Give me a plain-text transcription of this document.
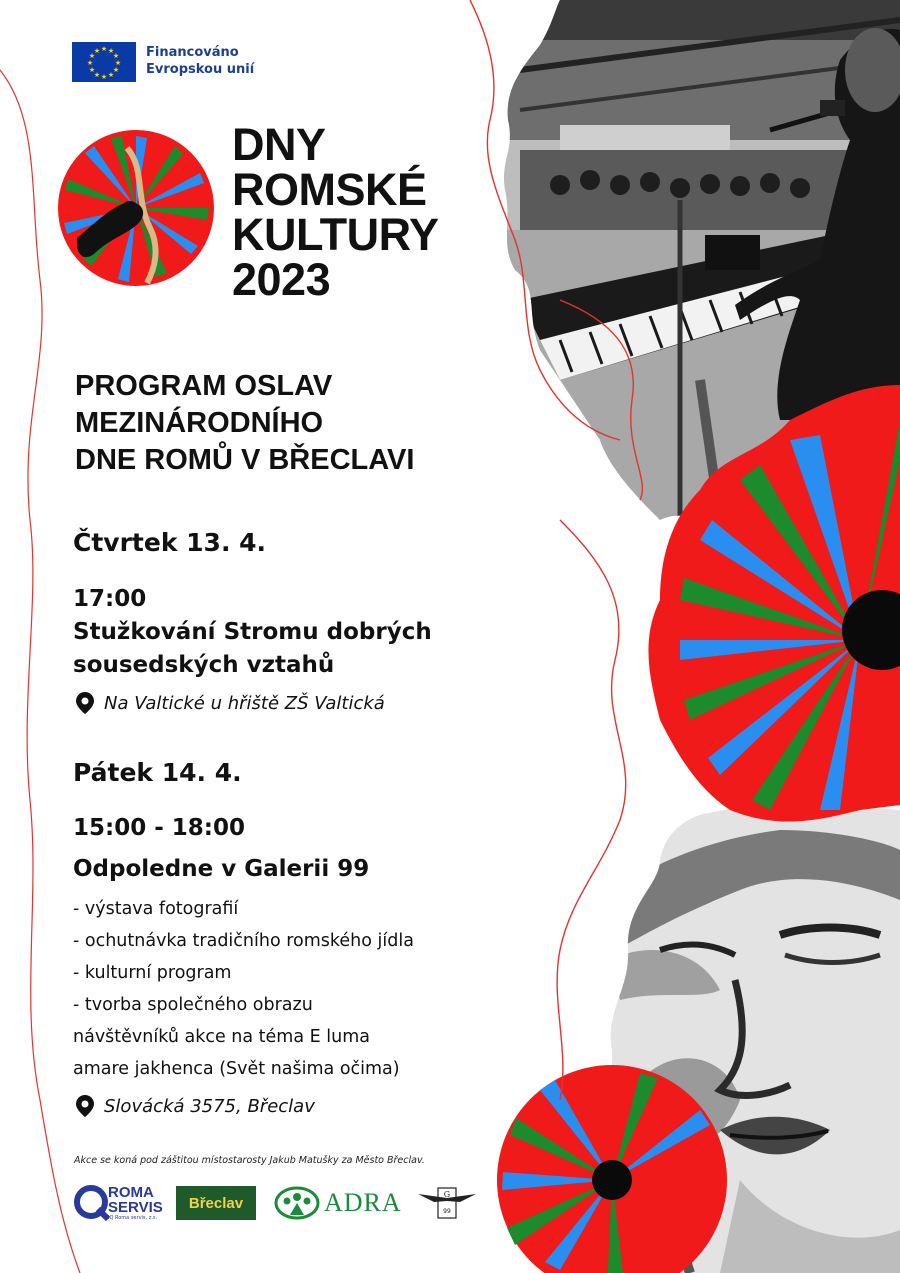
★ ★
★
★
★
★
★
★
★
★
★
★	Financováno
Evropskou unií
DNY
ROMSKÉ
KULTURY
2023
PROGRAM OSLAV
MEZINÁRODNÍHO
DNE ROMŮ V BŘECLAVI
Čtvrtek 13. 4.
17:00
Stužkování Stromu dobrých
sousedských vztahů
Na Valtické u hřiště ZŠ Valtická
Pátek 14. 4.
15:00 - 18:00
Odpoledne v Galerii 99
- výstava fotografií
- ochutnávka tradičního romského jídla
- kulturní program
- tvorba společného obrazu
návštěvníků akce na téma E luma
amare jakhenca (Svět našima očima)
Slovácká 3575, Břeclav
Akce se koná pod záštitou místostarosty Jakub Matušky za Město Břeclav.
ROMA
SERVIS
IQ Roma servis, z.s.
Břeclav	ADRA	G
99
